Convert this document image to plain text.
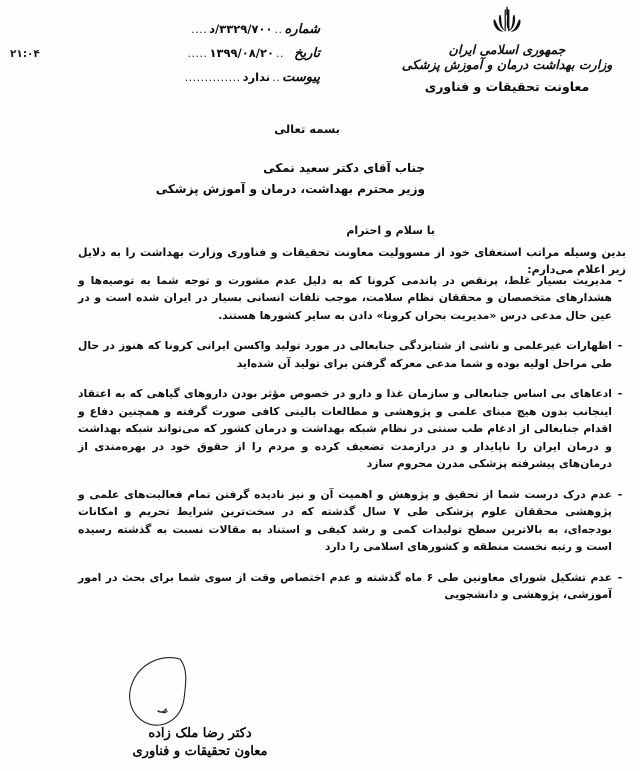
۲۱:۰۴
شماره
..
۳۳۲۹/۷۰۰/د
....
تاریخ
..
۱۳۹۹/۰۸/۲۰
.....
پیوست
..
ندارد
..............
جمهوری اسلامی ایران
وزارت بهداشت درمان و آموزش پزشکی
معاونت تحقیقات و فناوری
بسمه تعالی
جناب آقای دکتر سعید نمکی
وزیر محترم بهداشت، درمان و آموزش پزشکی
با سلام و احترام
بدین وسیله مراتب استعفای خود از مسوولیت معاونت تحقیقات و فناوری وزارت بهداشت را به دلایل زیر اعلام می‌دارم:
-
مدیریت بسیار غلط، پرنقص در پاندمی کرونا که به دلیل عدم مشورت و توجه شما به توصیه‌ها و هشدارهای متخصصان و محققان نظام سلامت، موجب تلفات انسانی بسیار در ایران شده است و در عین حال مدعی درس «مدیریت بحران کرونا» دادن به سایر کشورها هستند.
-
اظهارات غیرعلمی و ناشی از شتابزدگی جنابعالی در مورد تولید واکسن ایرانی کرونا که هنوز در حال طی مراحل اولیه بوده و شما مدعی معرکه گرفتن برای تولید آن شده‌اید
-
ادعاهای بی اساس جنابعالی و سازمان غذا و دارو در خصوص مؤثر بودن داروهای گیاهی که به اعتقاد اینجانب بدون هیچ مبنای علمی و پژوهشی و مطالعات بالینی کافی صورت گرفته و همچنین دفاع و اقدام جنابعالی از ادغام طب سنتی در نظام شبکه بهداشت و درمان کشور که می‌تواند شبکه بهداشت و درمان ایران را ناپایدار و در درازمدت تضعیف کرده و مردم را از حقوق خود در بهره‌مندی از درمان‌های پیشرفته پزشکی مدرن محروم سازد
-
عدم درک درست شما از تحقیق و پژوهش و اهمیت آن و نیز نادیده گرفتن تمام فعالیت‌های علمی و پژوهشی محققان علوم پزشکی طی ۷ سال گذشته که در سخت‌ترین شرایط تحریم و امکانات بودجه‌ای، به بالاترین سطح تولیدات کمی و رشد کیفی و استناد به مقالات نسبت به گذشته رسیده است و رتبه نخست منطقه و کشورهای اسلامی را دارد
-
عدم تشکیل شورای معاونین طی ۶ ماه گذشته و عدم اختصاص وقت از سوی شما برای بحث در امور آموزشی، پژوهشی و دانشجویی
دکتر رضا ملک زاده
معاون تحقیقات و فناوری
